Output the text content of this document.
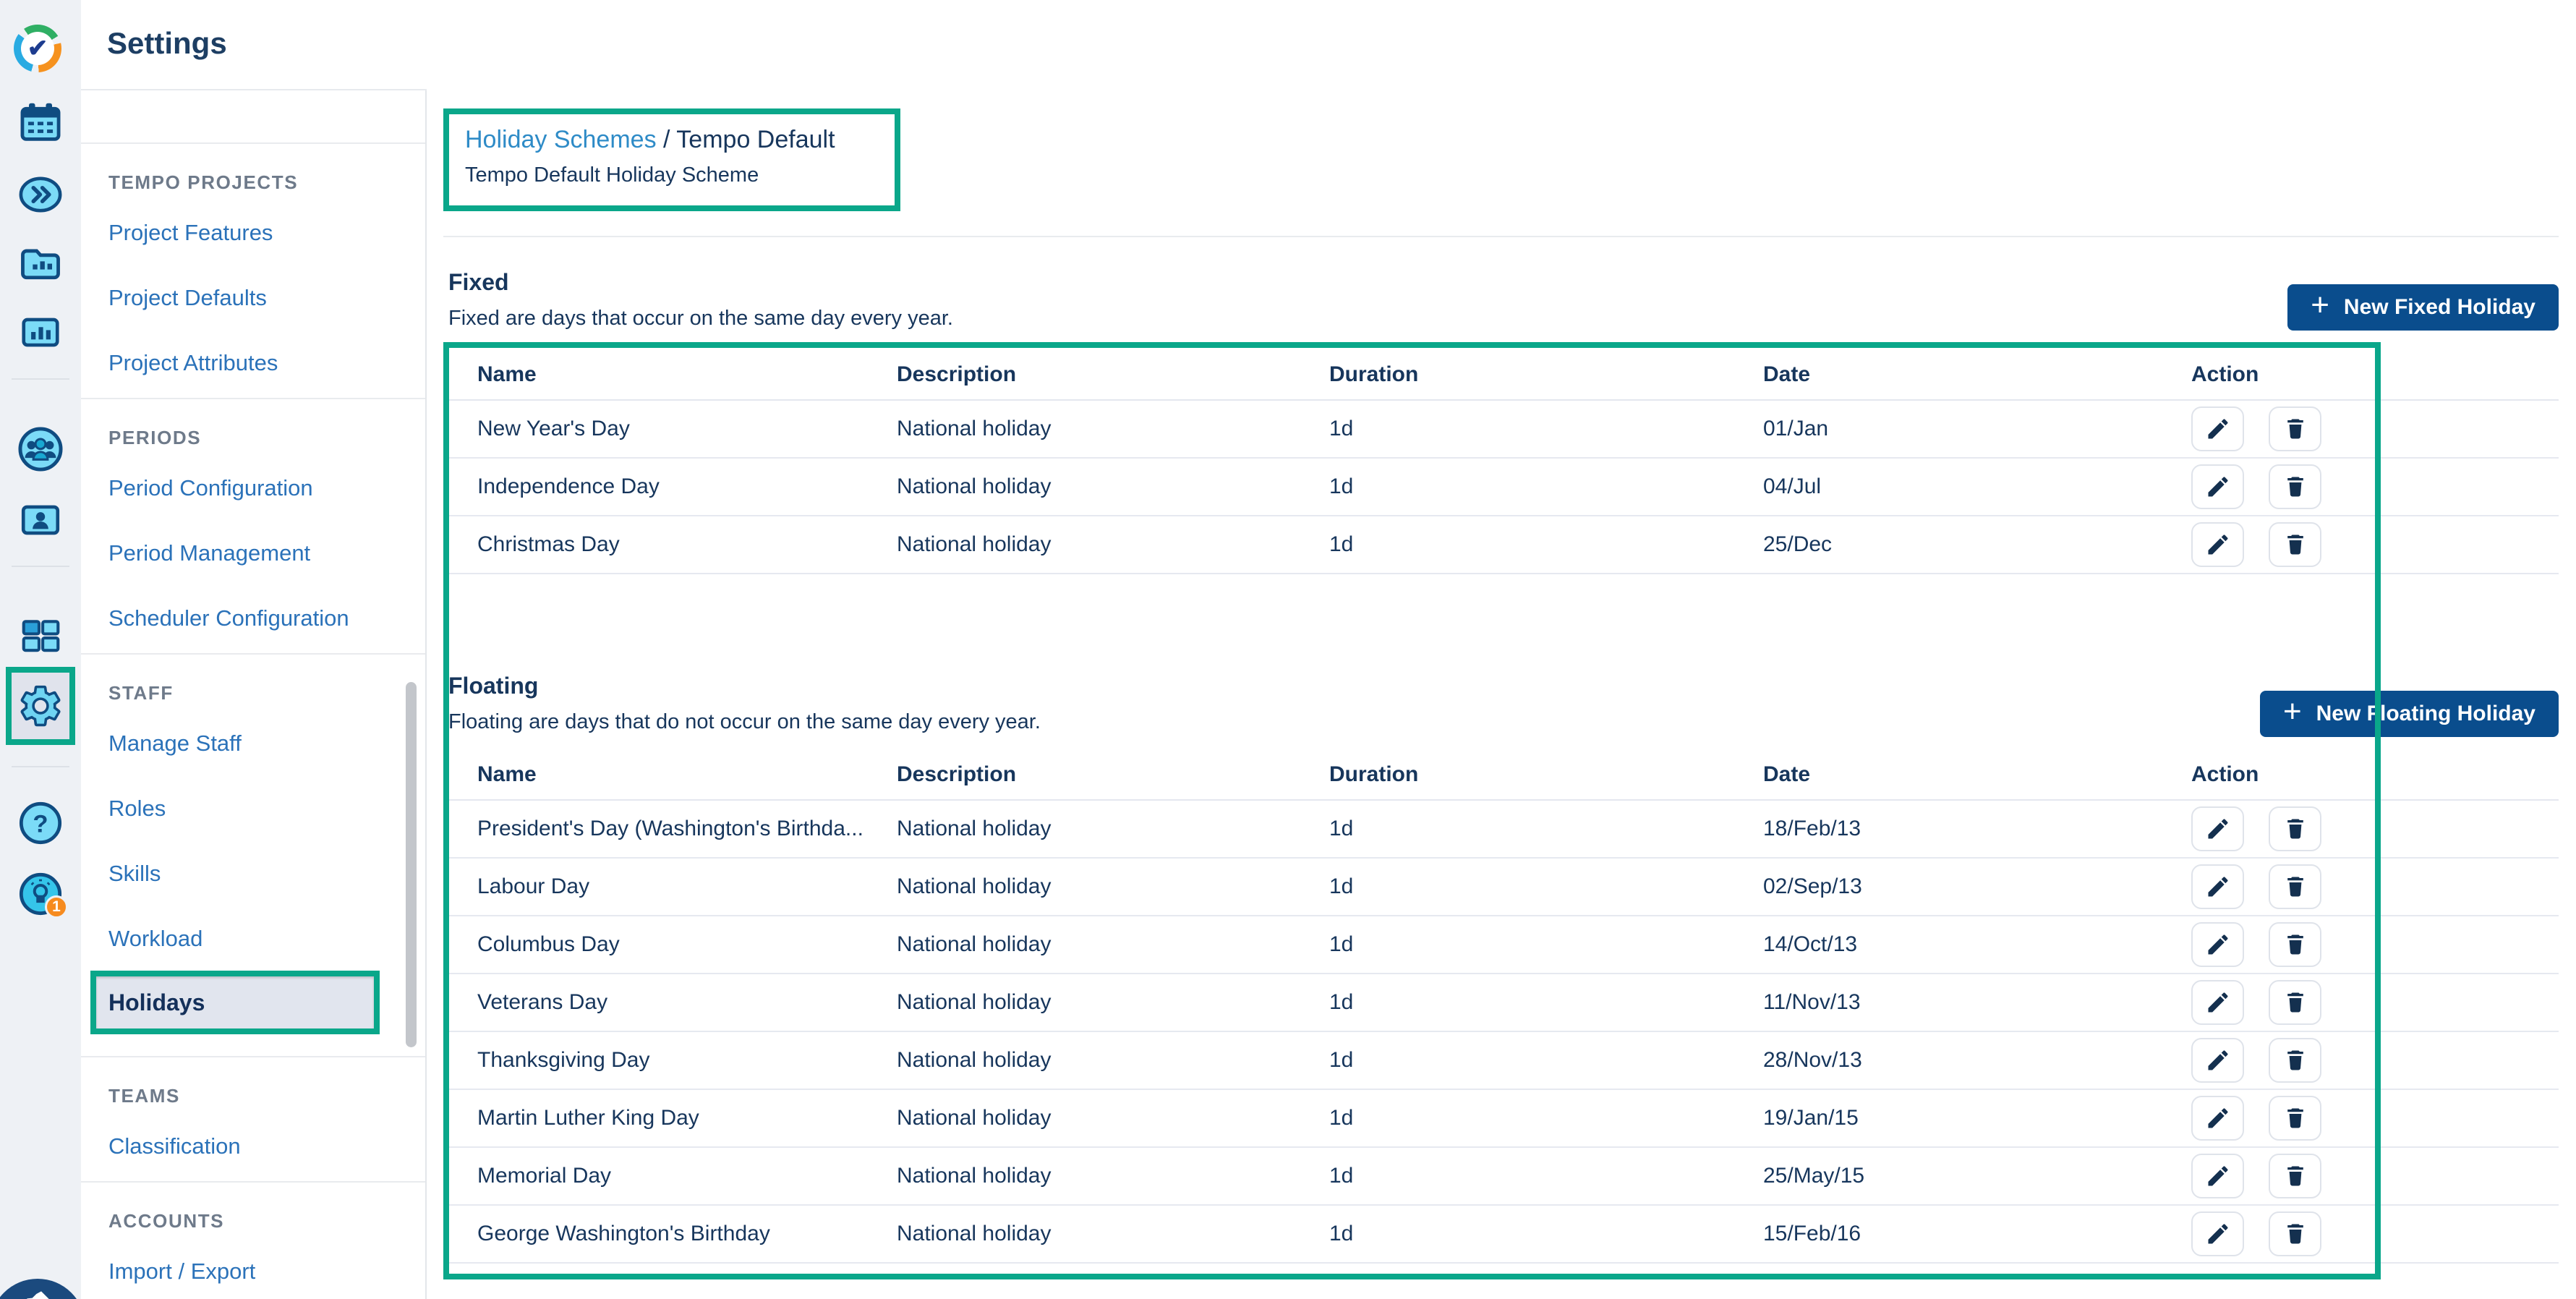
✔
?
1
Settings
TEMPO PROJECTS
Project Features
Project Defaults
Project Attributes
PERIODS
Period Configuration
Period Management
Scheduler Configuration
STAFF
Manage Staff
Roles
Skills
Workload
Holidays
TEAMS
Classification
ACCOUNTS
Import / Export
Holiday Schemes / Tempo Default
Tempo Default Holiday Scheme
Fixed
Fixed are days that occur on the same day every year.	+ New Fixed Holiday
Name	Description	Duration	Date	Action
New Year's Day	National holiday	1d	01/Jan
Independence Day	National holiday	1d	04/Jul
Christmas Day	National holiday	1d	25/Dec
Floating
Floating are days that do not occur on the same day every year.	+ New Floating Holiday
Name	Description	Duration	Date	Action
President's Day (Washington's Birthda...	National holiday	1d	18/Feb/13
Labour Day	National holiday	1d	02/Sep/13
Columbus Day	National holiday	1d	14/Oct/13
Veterans Day	National holiday	1d	11/Nov/13
Thanksgiving Day	National holiday	1d	28/Nov/13
Martin Luther King Day	National holiday	1d	19/Jan/15
Memorial Day	National holiday	1d	25/May/15
George Washington's Birthday	National holiday	1d	15/Feb/16
